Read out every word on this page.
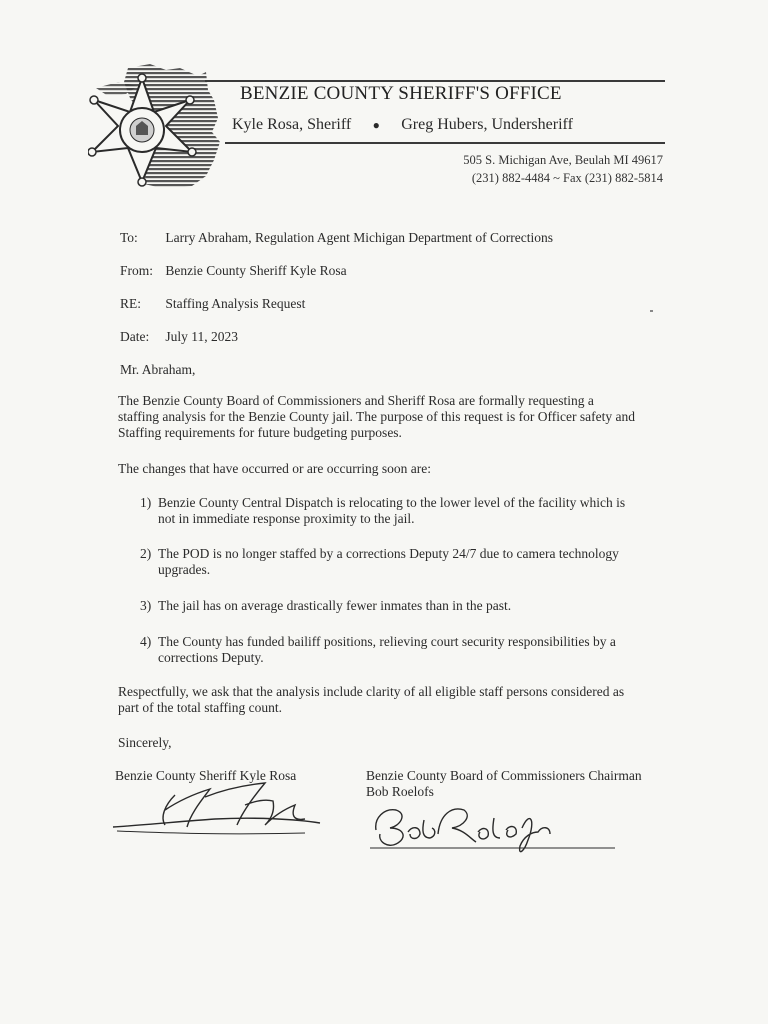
BENZIE COUNTY SHERIFF'S OFFICE
Kyle Rosa, Sheriff ● Greg Hubers, Undersheriff
505 S. Michigan Ave, Beulah MI 49617
(231) 882-4484 ~ Fax (231) 882-5814
To: Larry Abraham, Regulation Agent Michigan Department of Corrections
From: Benzie County Sheriff Kyle Rosa
RE: Staffing Analysis Request
Date: July 11, 2023
Mr. Abraham,
The Benzie County Board of Commissioners and Sheriff Rosa are formally requesting a staffing analysis for the Benzie County jail. The purpose of this request is for Officer safety and Staffing requirements for future budgeting purposes.
The changes that have occurred or are occurring soon are:
1) Benzie County Central Dispatch is relocating to the lower level of the facility which is not in immediate response proximity to the jail.
2) The POD is no longer staffed by a corrections Deputy 24/7 due to camera technology upgrades.
3) The jail has on average drastically fewer inmates than in the past.
4) The County has funded bailiff positions, relieving court security responsibilities by a corrections Deputy.
Respectfully, we ask that the analysis include clarity of all eligible staff persons considered as part of the total staffing count.
Sincerely,
Benzie County Sheriff Kyle Rosa	Benzie County Board of Commissioners Chairman
Bob Roelofs
